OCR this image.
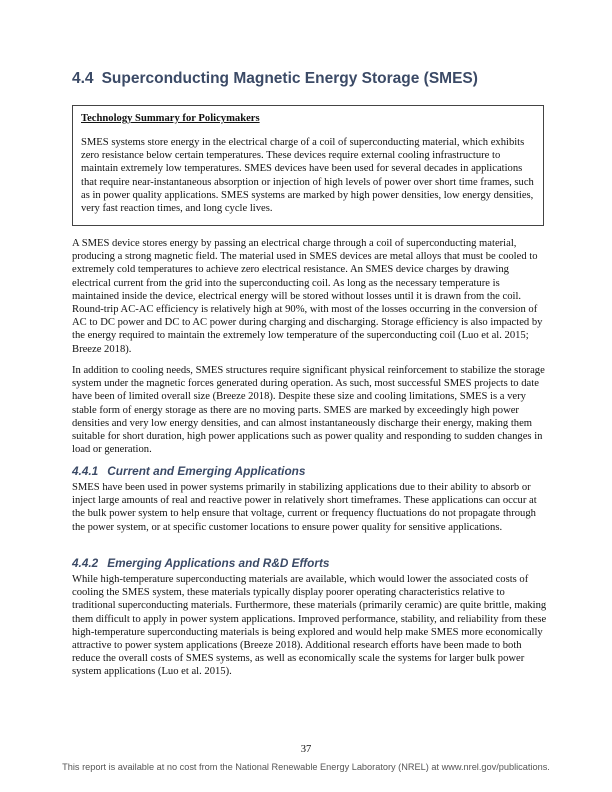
4.4 Superconducting Magnetic Energy Storage (SMES)
Technology Summary for Policymakers
SMES systems store energy in the electrical charge of a coil of superconducting material, which exhibits zero resistance below certain temperatures. These devices require external cooling infrastructure to maintain extremely low temperatures. SMES devices have been used for several decades in applications that require near-instantaneous absorption or injection of high levels of power over short time frames, such as in power quality applications. SMES systems are marked by high power densities, low energy densities, very fast reaction times, and long cycle lives.

A SMES device stores energy by passing an electrical charge through a coil of superconducting material, producing a strong magnetic field. The material used in SMES devices are metal alloys that must be cooled to extremely cold temperatures to achieve zero electrical resistance. An SMES device charges by drawing electrical current from the grid into the superconducting coil. As long as the necessary temperature is maintained inside the device, electrical energy will be stored without losses until it is drawn from the coil. Round-trip AC-AC efficiency is relatively high at 90%, with most of the losses occurring in the conversion of AC to DC power and DC to AC power during charging and discharging. Storage efficiency is also impacted by the energy required to maintain the extremely low temperature of the superconducting coil (Luo et al. 2015; Breeze 2018).

In addition to cooling needs, SMES structures require significant physical reinforcement to stabilize the storage system under the magnetic forces generated during operation. As such, most successful SMES projects to date have been of limited overall size (Breeze 2018). Despite these size and cooling limitations, SMES is a very stable form of energy storage as there are no moving parts. SMES are marked by exceedingly high power densities and very low energy densities, and can almost instantaneously discharge their energy, making them suitable for short duration, high power applications such as power quality and responding to sudden changes in load or generation.

4.4.1 Current and Emerging Applications

SMES have been used in power systems primarily in stabilizing applications due to their ability to absorb or inject large amounts of real and reactive power in relatively short timeframes. These applications can occur at the bulk power system to help ensure that voltage, current or frequency fluctuations do not propagate through the power system, or at specific customer locations to ensure power quality for sensitive applications.

4.4.2 Emerging Applications and R&D Efforts

While high-temperature superconducting materials are available, which would lower the associated costs of cooling the SMES system, these materials typically display poorer operating characteristics relative to traditional superconducting materials. Furthermore, these materials (primarily ceramic) are quite brittle, making them difficult to apply in power system applications. Improved performance, stability, and reliability from these high-temperature superconducting materials is being explored and would help make SMES more economically attractive to power system applications (Breeze 2018). Additional research efforts have been made to both reduce the overall costs of SMES systems, as well as economically scale the systems for larger bulk power system applications (Luo et al. 2015).

37
This report is available at no cost from the National Renewable Energy Laboratory (NREL) at www.nrel.gov/publications.
